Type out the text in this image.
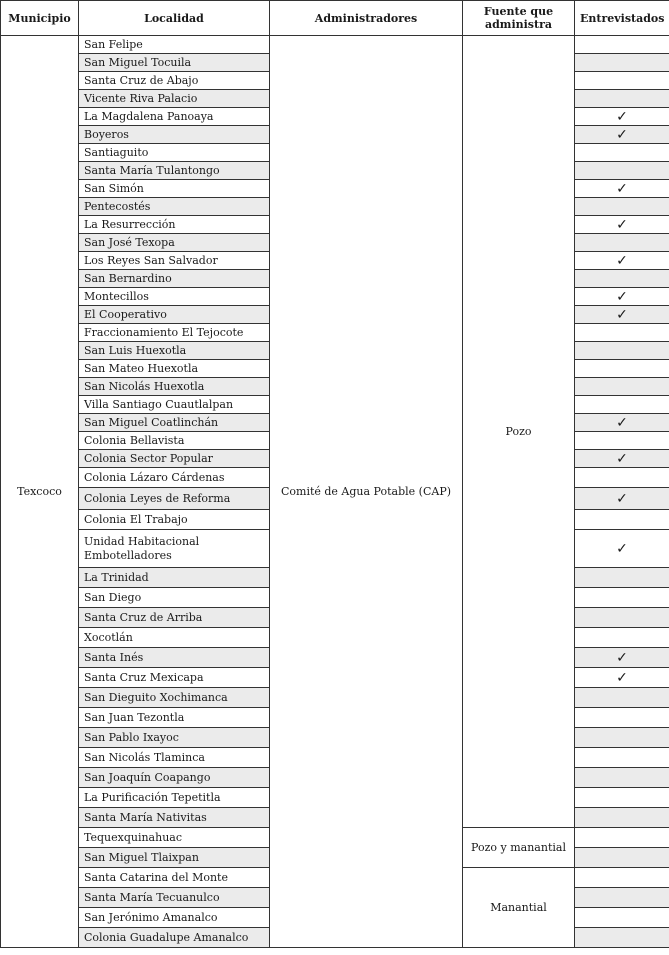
Municipio	Localidad	Administradores	Fuente que administra	Entrevistados
Texcoco	San Felipe	Comité de Agua Potable (CAP)	Pozo	
	San Miguel Tocuila			
	Santa Cruz de Abajo			
	Vicente Riva Palacio			
	La Magdalena Panoaya			✓
	Boyeros			✓
	Santiaguito			
	Santa María Tulantongo			
	San Simón			✓
	Pentecostés			
	La Resurrección			✓
	San José Texopa			
	Los Reyes San Salvador			✓
	San Bernardino			
	Montecillos			✓
	El Cooperativo			✓
	Fraccionamiento El Tejocote			
	San Luis Huexotla			
	San Mateo Huexotla			
	San Nicolás Huexotla			
	Villa Santiago Cuautlalpan			
	San Miguel Coatlinchán			✓
	Colonia Bellavista			
	Colonia Sector Popular			✓
	Colonia Lázaro Cárdenas			
	Colonia Leyes de Reforma			✓
	Colonia El Trabajo			
	Unidad Habitacional Embotelladores			✓
	La Trinidad			
	San Diego			
	Santa Cruz de Arriba			
	Xocotlán			
	Santa Inés			✓
	Santa Cruz Mexicapa			✓
	San Dieguito Xochimanca			
	San Juan Tezontla			
	San Pablo Ixayoc			
	San Nicolás Tlaminca			
	San Joaquín Coapango			
	La Purificación Tepetitla			
	Santa María Nativitas			
	Tequexquinahuac		Pozo y manantial	
	San Miguel Tlaixpan			
	Santa Catarina del Monte		Manantial	
	Santa María Tecuanulco			
	San Jerónimo Amanalco			
	Colonia Guadalupe Amanalco			
